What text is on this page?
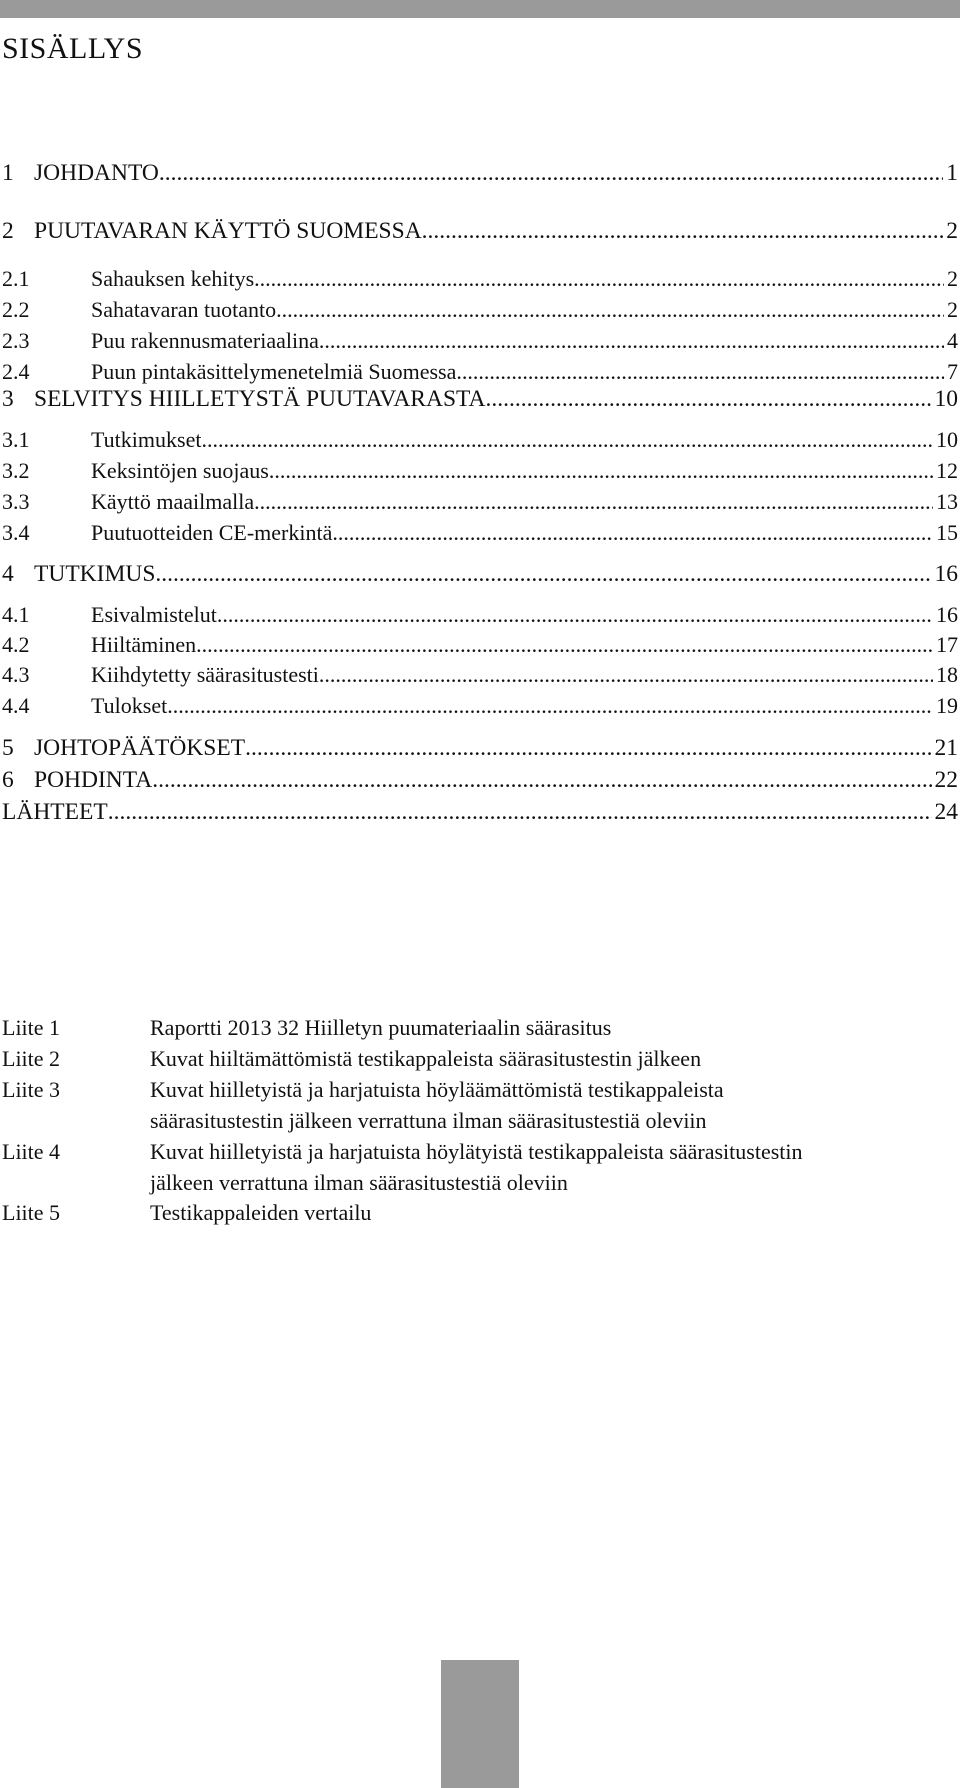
SISÄLLYS
1 JOHDANTO .....	1
2 PUUTAVARAN KÄYTTÖ SUOMESSA .....	2
2.1	Sahauksen kehitys .....	2
2.2	Sahatavaran tuotanto .....	2
2.3	Puu rakennusmateriaalina .....	4
2.4	Puun pintakäsittelymenetelmiä Suomessa .....	7
3 SELVITYS HIILLETYSTÄ PUUTAVARASTA .....	10
3.1	Tutkimukset .....	10
3.2	Keksintöjen suojaus .....	12
3.3	Käyttö maailmalla .....	13
3.4	Puutuotteiden CE-merkintä .....	15
4 TUTKIMUS .....	16
4.1	Esivalmistelut .....	16
4.2	Hiiltäminen .....	17
4.3	Kiihdytetty säärasitustesti .....	18
4.4	Tulokset .....	19
5 JOHTOPÄÄTÖKSET .....	21
6 POHDINTA .....	22
LÄHTEET .....	24
Liite 1	Raportti 2013 32 Hiilletyn puumateriaalin säärasitus
Liite 2	Kuvat hiiltämättömistä testikappaleista säärasitustestin jälkeen
Liite 3	Kuvat hiilletyistä ja harjatuista höyläämättömistä testikappaleista
säärasitustestin jälkeen verrattuna ilman säärasitustestiä oleviin
Liite 4	Kuvat hiilletyistä ja harjatuista höylätyistä testikappaleista säärasitustestin
jälkeen verrattuna ilman säärasitustestiä oleviin
Liite 5	Testikappaleiden vertailu
